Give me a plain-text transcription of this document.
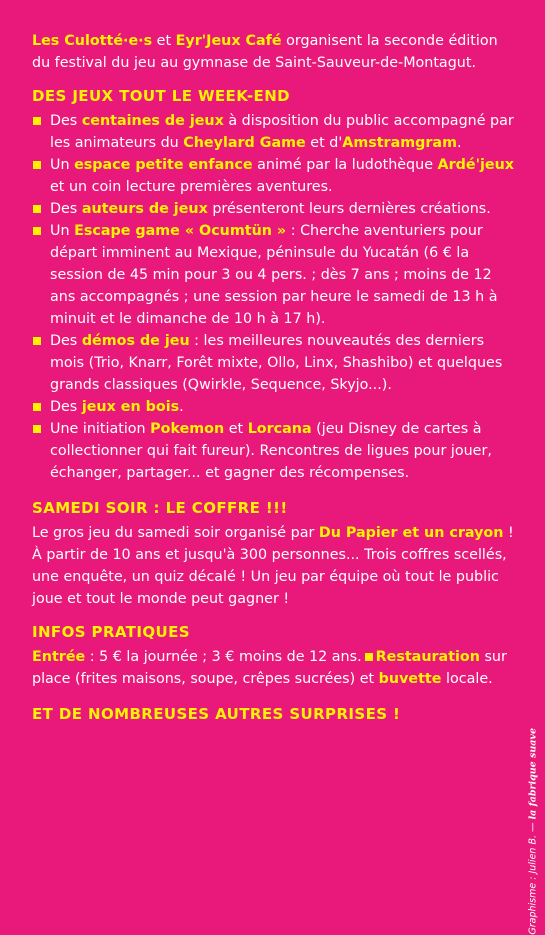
Les Culotté·e·s et Eyr'Jeux Café organisent la seconde édition du festival du jeu au gymnase de Saint-Sauveur-de-Montagut.

DES JEUX TOUT LE WEEK-END
Des centaines de jeux à disposition du public accompagné par les animateurs du Cheylard Game et d'Amstramgram.
Un espace petite enfance animé par la ludothèque Ardé'jeux et un coin lecture premières aventures.
Des auteurs de jeux présenteront leurs dernières créations.
Un Escape game « Ocumtün » : Cherche aventuriers pour départ imminent au Mexique, péninsule du Yucatán (6 € la session de 45 min pour 3 ou 4 pers. ; dès 7 ans ; moins de 12 ans accompagnés ; une session par heure le samedi de 13 h à minuit et le dimanche de 10 h à 17 h).
Des démos de jeu : les meilleures nouveautés des derniers mois (Trio, Knarr, Forêt mixte, Ollo, Linx, Shashibo) et quelques grands classiques (Qwirkle, Sequence, Skyjo...).
Des jeux en bois.
Une initiation Pokemon et Lorcana (jeu Disney de cartes à collectionner qui fait fureur). Rencontres de ligues pour jouer, échanger, partager... et gagner des récompenses.
SAMEDI SOIR : LE COFFRE !!!

Le gros jeu du samedi soir organisé par Du Papier et un crayon ! À partir de 10 ans et jusqu'à 300 personnes... Trois coffres scellés, une enquête, un quiz décalé ! Un jeu par équipe où tout le public joue et tout le monde peut gagner !

INFOS PRATIQUES

Entrée : 5 € la journée ; 3 € moins de 12 ans. Restauration sur place (frites maisons, soupe, crêpes sucrées) et buvette locale.

ET DE NOMBREUSES AUTRES SURPRISES !
Graphisme : Julien B. — la fabrique suave
